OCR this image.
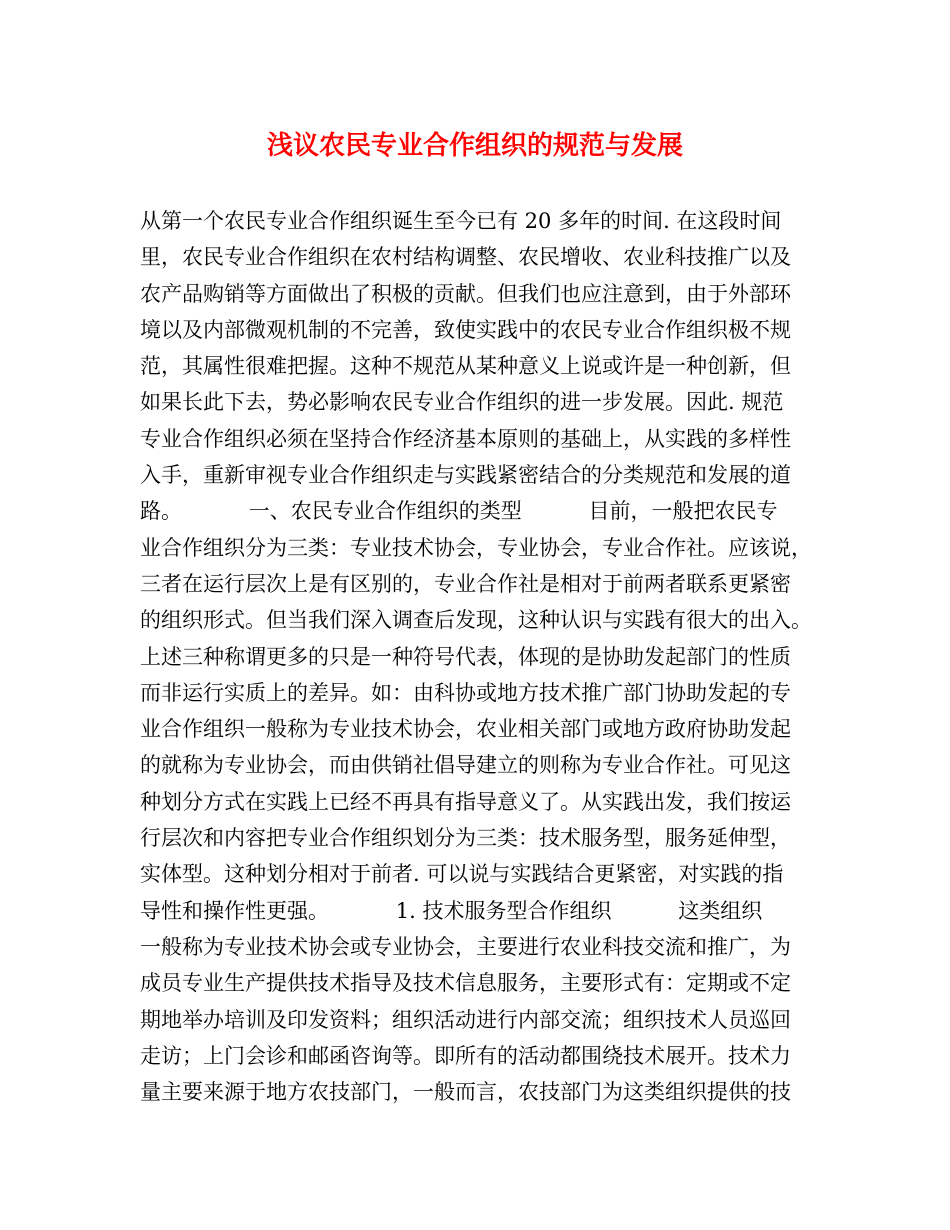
浅议农民专业合作组织的规范与发展
从第一个农民专业合作组织诞生至今已有 20 多年的时间. 在这段时间
里，农民专业合作组织在农村结构调整、农民增收、农业科技推广以及
农产品购销等方面做出了积极的贡献。但我们也应注意到，由于外部环
境以及内部微观机制的不完善，致使实践中的农民专业合作组织极不规
范，其属性很难把握。这种不规范从某种意义上说或许是一种创新，但
如果长此下去，势必影响农民专业合作组织的进一步发展。因此. 规范
专业合作组织必须在坚持合作经济基本原则的基础上，从实践的多样性
入手，重新审视专业合作组织走与实践紧密结合的分类规范和发展的道
路。          一、农民专业合作组织的类型          目前，一般把农民专
业合作组织分为三类：专业技术协会，专业协会，专业合作社。应该说，
三者在运行层次上是有区别的，专业合作社是相对于前两者联系更紧密
的组织形式。但当我们深入调查后发现，这种认识与实践有很大的出入。
上述三种称谓更多的只是一种符号代表，体现的是协助发起部门的性质
而非运行实质上的差异。如：由科协或地方技术推广部门协助发起的专
业合作组织一般称为专业技术协会，农业相关部门或地方政府协助发起
的就称为专业协会，而由供销社倡导建立的则称为专业合作社。可见这
种划分方式在实践上已经不再具有指导意义了。从实践出发，我们按运
行层次和内容把专业合作组织划分为三类：技术服务型，服务延伸型，
实体型。这种划分相对于前者. 可以说与实践结合更紧密，对实践的指
导性和操作性更强。          1. 技术服务型合作组织          这类组织
一般称为专业技术协会或专业协会，主要进行农业科技交流和推广，为
成员专业生产提供技术指导及技术信息服务，主要形式有：定期或不定
期地举办培训及印发资料；组织活动进行内部交流；组织技术人员巡回
走访；上门会诊和邮函咨询等。即所有的活动都围绕技术展开。技术力
量主要来源于地方农技部门，一般而言，农技部门为这类组织提供的技
